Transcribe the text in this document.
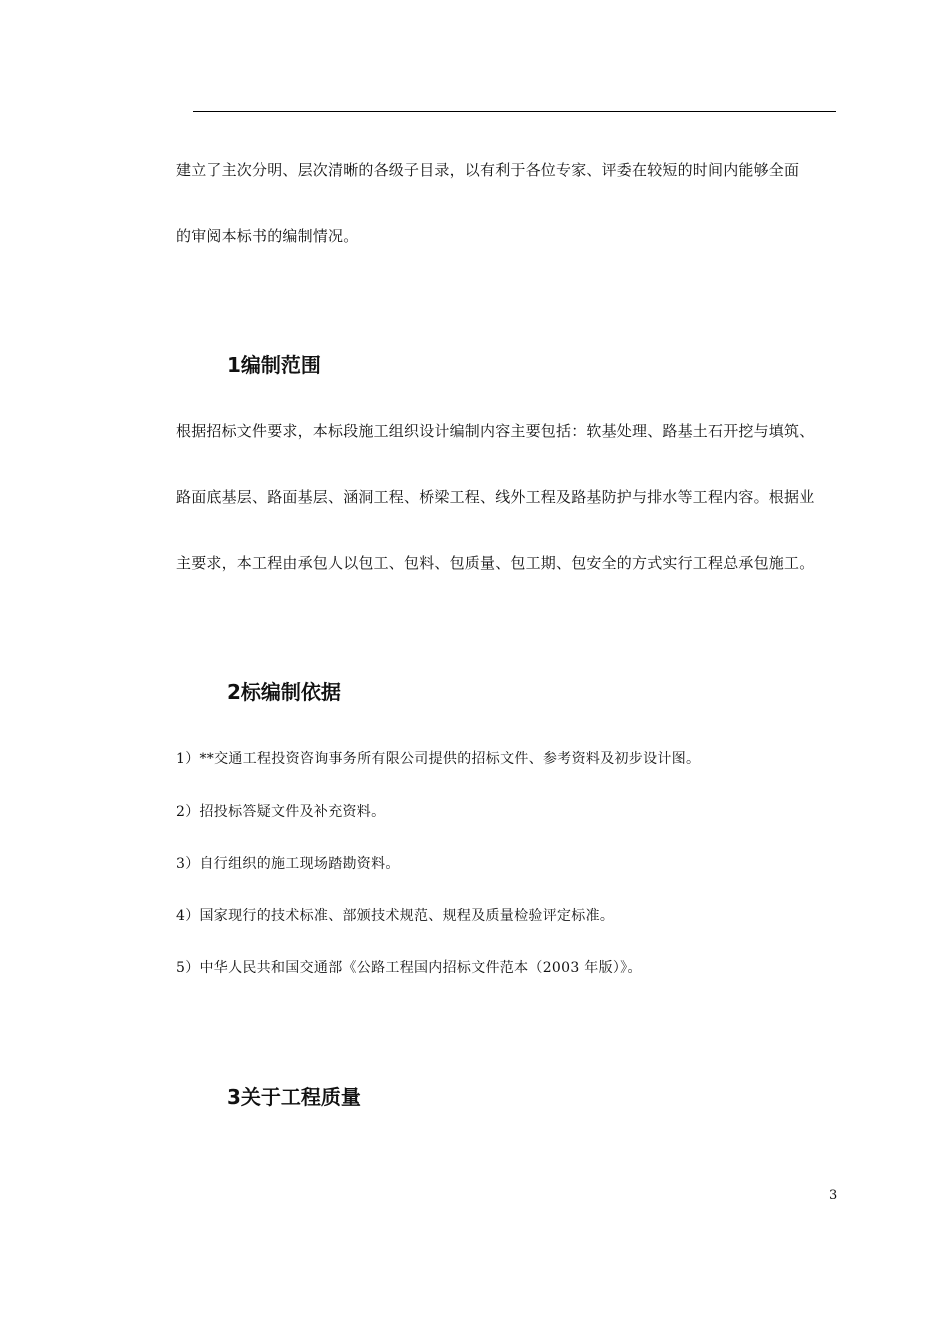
建立了主次分明、层次清晰的各级子目录，以有利于各位专家、评委在较短的时间内能够全面
的审阅本标书的编制情况。
1编制范围
根据招标文件要求，本标段施工组织设计编制内容主要包括：软基处理、路基土石开挖与填筑、
路面底基层、路面基层、涵洞工程、桥梁工程、线外工程及路基防护与排水等工程内容。根据业
主要求，本工程由承包人以包工、包料、包质量、包工期、包安全的方式实行工程总承包施工。
2标编制依据
1）**交通工程投资咨询事务所有限公司提供的招标文件、参考资料及初步设计图。
2）招投标答疑文件及补充资料。
3）自行组织的施工现场踏勘资料。
4）国家现行的技术标准、部颁技术规范、规程及质量检验评定标准。
5）中华人民共和国交通部《公路工程国内招标文件范本（2003 年版）》。
3关于工程质量
3
